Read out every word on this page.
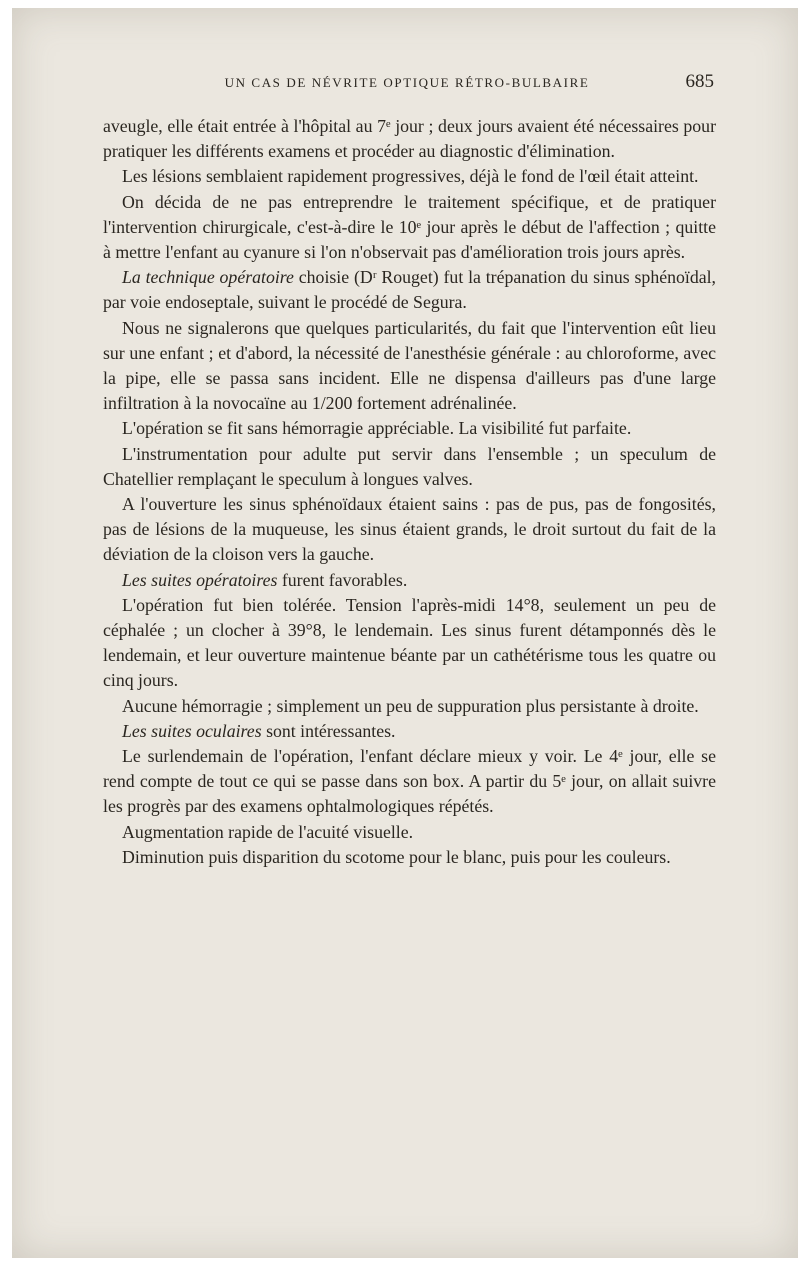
UN CAS DE NÉVRITE OPTIQUE RÉTRO-BULBAIRE	685

aveugle, elle était entrée à l'hôpital au 7ᵉ jour ; deux jours avaient été nécessaires pour pratiquer les différents examens et procéder au diagnostic d'élimination.

Les lésions semblaient rapidement progressives, déjà le fond de l'œil était atteint.

On décida de ne pas entreprendre le traitement spécifique, et de pratiquer l'intervention chirurgicale, c'est-à-dire le 10ᵉ jour après le début de l'affection ; quitte à mettre l'enfant au cyanure si l'on n'observait pas d'amélioration trois jours après.

La technique opératoire choisie (Dʳ Rouget) fut la trépanation du sinus sphénoïdal, par voie endoseptale, suivant le procédé de Segura.

Nous ne signalerons que quelques particularités, du fait que l'intervention eût lieu sur une enfant ; et d'abord, la nécessité de l'anesthésie générale : au chloroforme, avec la pipe, elle se passa sans incident. Elle ne dispensa d'ailleurs pas d'une large infiltration à la novocaïne au 1/200 fortement adrénalinée.

L'opération se fit sans hémorragie appréciable. La visibilité fut parfaite.

L'instrumentation pour adulte put servir dans l'ensemble ; un speculum de Chatellier remplaçant le speculum à longues valves.

A l'ouverture les sinus sphénoïdaux étaient sains : pas de pus, pas de fongosités, pas de lésions de la muqueuse, les sinus étaient grands, le droit surtout du fait de la déviation de la cloison vers la gauche.

Les suites opératoires furent favorables.

L'opération fut bien tolérée. Tension l'après-midi 14°8, seulement un peu de céphalée ; un clocher à 39°8, le lendemain. Les sinus furent détamponnés dès le lendemain, et leur ouverture maintenue béante par un cathétérisme tous les quatre ou cinq jours.

Aucune hémorragie ; simplement un peu de suppuration plus persistante à droite.

Les suites oculaires sont intéressantes.

Le surlendemain de l'opération, l'enfant déclare mieux y voir. Le 4ᵉ jour, elle se rend compte de tout ce qui se passe dans son box. A partir du 5ᵉ jour, on allait suivre les progrès par des examens ophtalmologiques répétés.

Augmentation rapide de l'acuité visuelle.

Diminution puis disparition du scotome pour le blanc, puis pour les couleurs.
